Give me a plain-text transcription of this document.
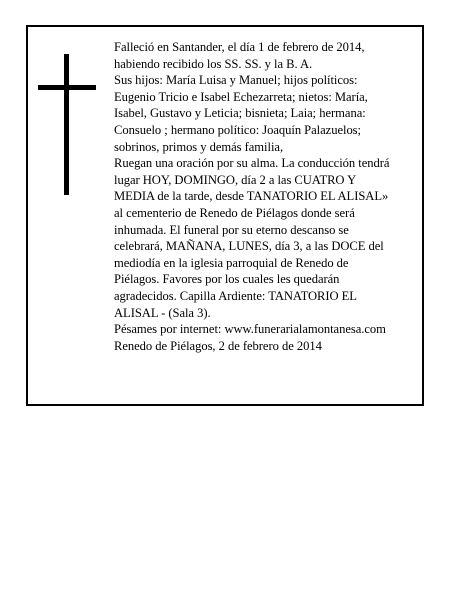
Falleció en Santander, el día 1 de febrero de 2014,
habiendo recibido los SS. SS. y la B. A.
Sus hijos: María Luisa y Manuel; hijos políticos:
Eugenio Tricio e Isabel Echezarreta; nietos: María,
Isabel, Gustavo y Leticia; bisnieta; Laia; hermana:
Consuelo ; hermano político: Joaquín Palazuelos;
sobrinos, primos y demás familia,
Ruegan una oración por su alma. La conducción tendrá
lugar HOY, DOMINGO, día 2 a las CUATRO Y
MEDIA de la tarde, desde TANATORIO EL ALISAL»
al cementerio de Renedo de Piélagos donde será
inhumada. El funeral por su eterno descanso se
celebrará, MAÑANA, LUNES, día 3, a las DOCE del
mediodía en la iglesia parroquial de Renedo de
Piélagos. Favores por los cuales les quedarán
agradecidos. Capilla Ardiente: TANATORIO EL
ALISAL - (Sala 3).
Pésames por internet: www.funerarialamontanesa.com
Renedo de Piélagos, 2 de febrero de 2014
